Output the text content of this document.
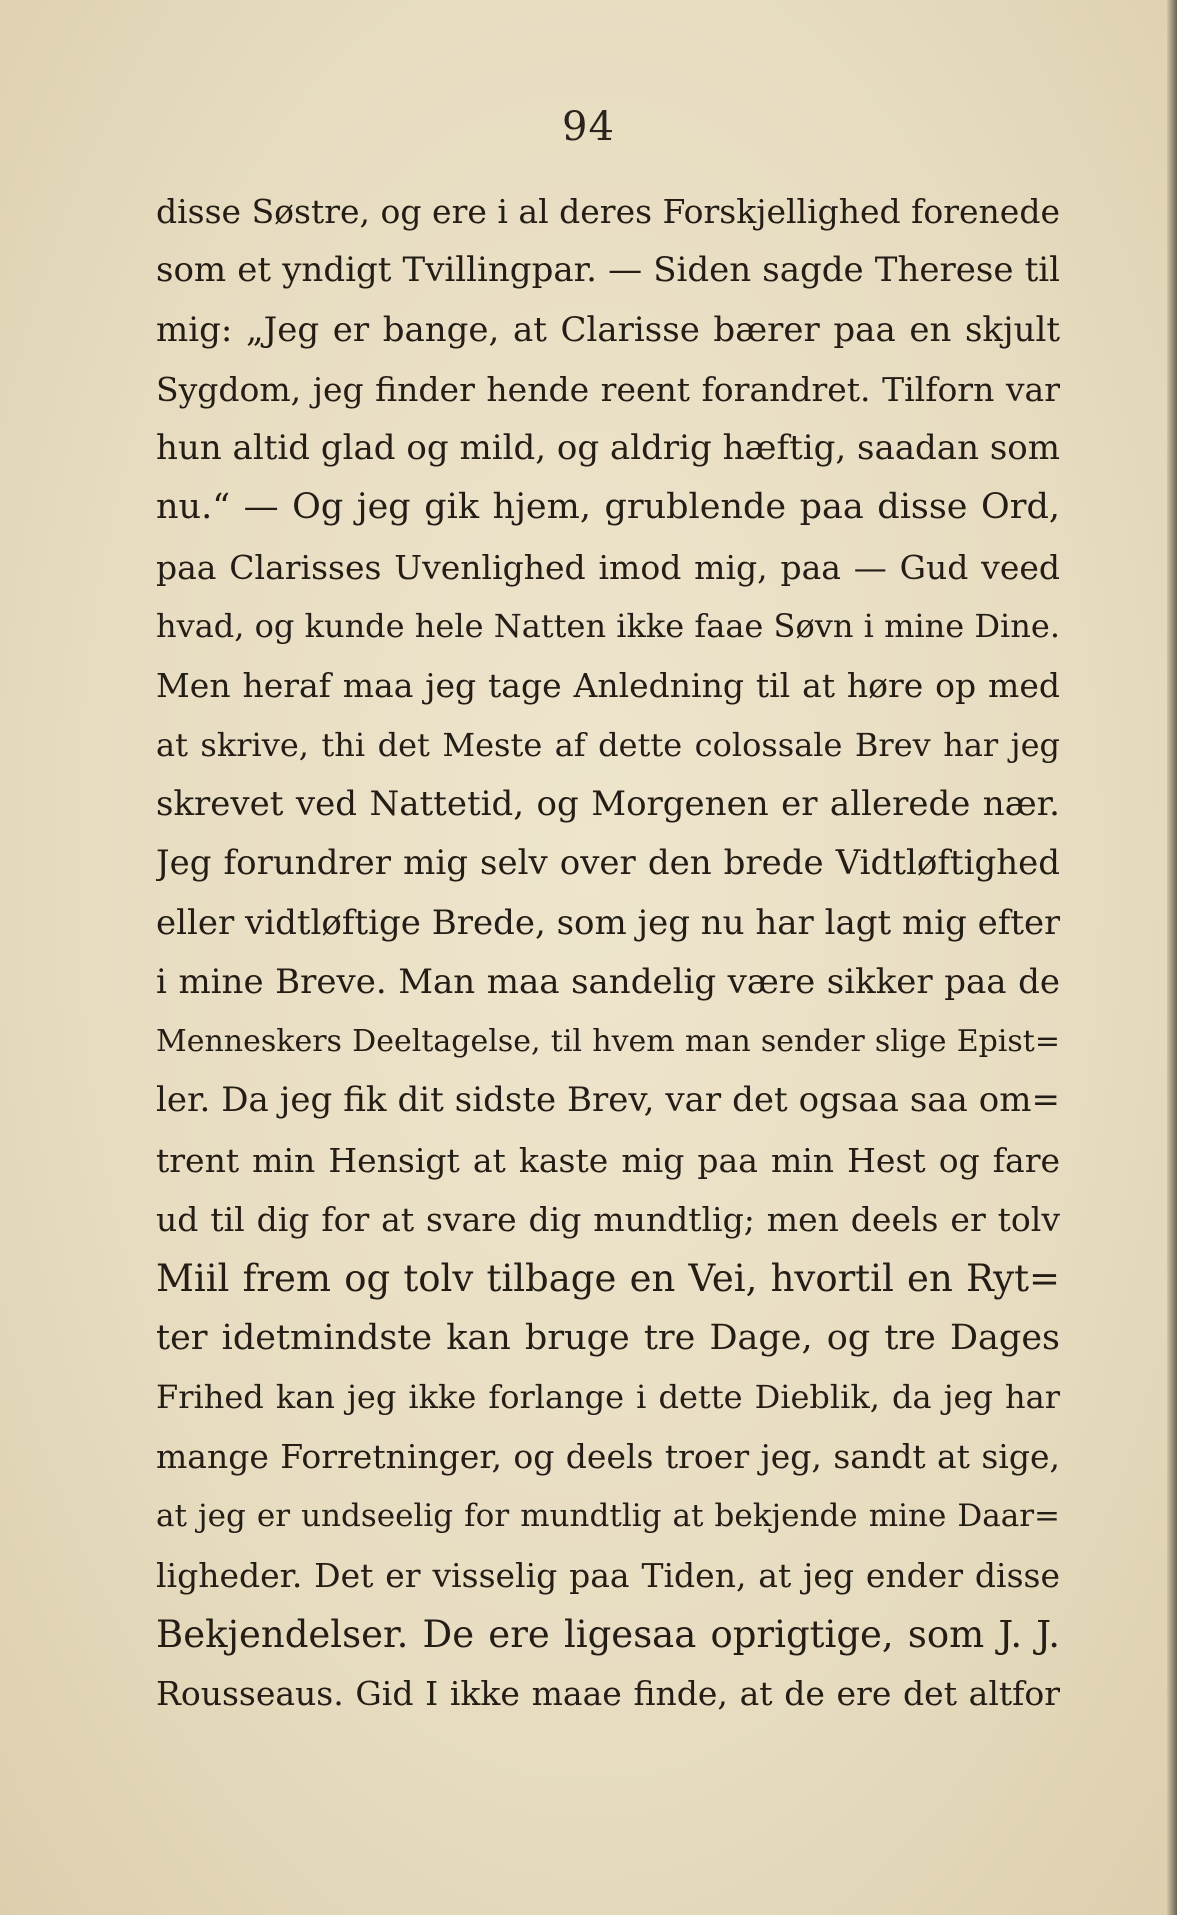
94
disse Søstre, og ere i al deres Forskjellighed forenede
som et yndigt Tvillingpar. — Siden sagde Therese til
mig: „Jeg er bange, at Clarisse bærer paa en skjult
Sygdom, jeg finder hende reent forandret. Tilforn var
hun altid glad og mild, og aldrig hæftig, saadan som
nu.“ — Og jeg gik hjem, grublende paa disse Ord,
paa Clarisses Uvenlighed imod mig, paa — Gud veed
hvad, og kunde hele Natten ikke faae Søvn i mine Dine.
Men heraf maa jeg tage Anledning til at høre op med
at skrive, thi det Meste af dette colossale Brev har jeg
skrevet ved Nattetid, og Morgenen er allerede nær.
Jeg forundrer mig selv over den brede Vidtløftighed
eller vidtløftige Brede, som jeg nu har lagt mig efter
i mine Breve. Man maa sandelig være sikker paa de
Menneskers Deeltagelse, til hvem man sender slige Epist=
ler. Da jeg fik dit sidste Brev, var det ogsaa saa om=
trent min Hensigt at kaste mig paa min Hest og fare
ud til dig for at svare dig mundtlig; men deels er tolv
Miil frem og tolv tilbage en Vei, hvortil en Ryt=
ter idetmindste kan bruge tre Dage, og tre Dages
Frihed kan jeg ikke forlange i dette Dieblik, da jeg har
mange Forretninger, og deels troer jeg, sandt at sige,
at jeg er undseelig for mundtlig at bekjende mine Daar=
ligheder. Det er visselig paa Tiden, at jeg ender disse
Bekjendelser. De ere ligesaa oprigtige, som J. J.
Rousseaus. Gid I ikke maae finde, at de ere det altfor
